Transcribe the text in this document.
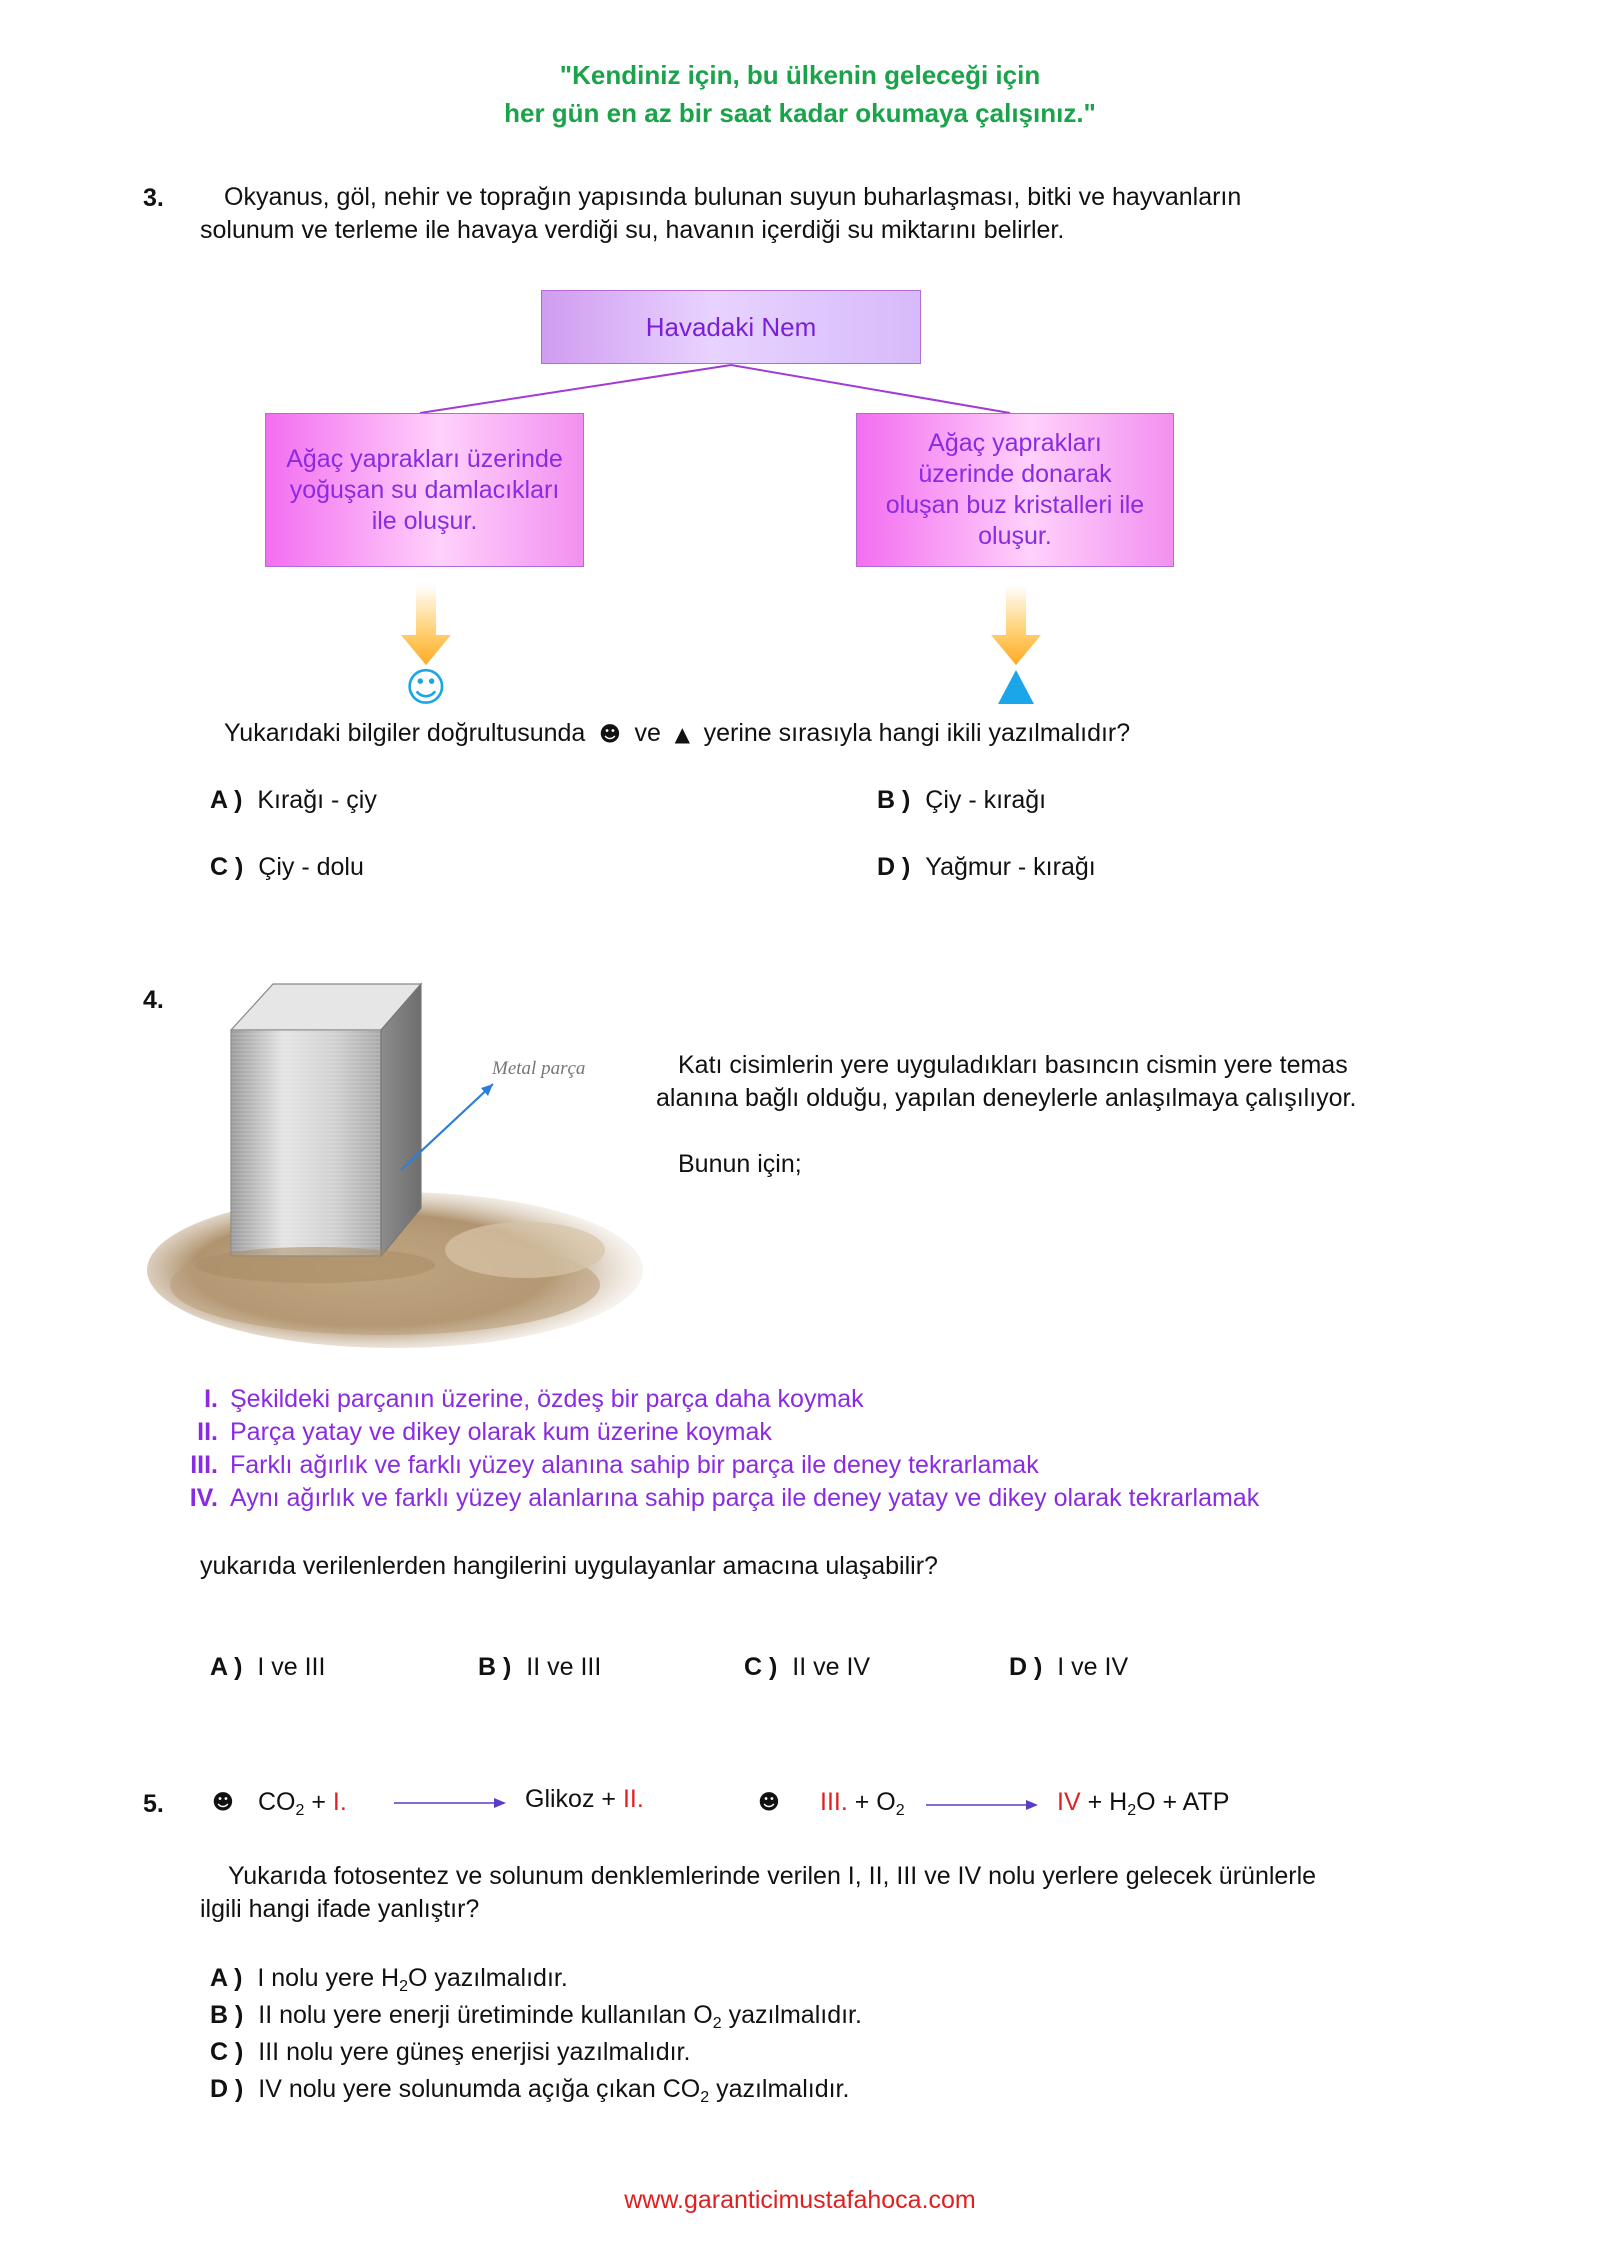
"Kendiniz için, bu ülkenin geleceği için
her gün en az bir saat kadar okumaya çalışınız."
3. Okyanus, göl, nehir ve toprağın yapısında bulunan suyun buharlaşması, bitki ve hayvanların
solunum ve terleme ile havaya verdiği su, havanın içerdiği su miktarını belirler.
Havadaki Nem
Ağaç yaprakları üzerinde yoğuşan su damlacıkları ile oluşur.
Ağaç yaprakları üzerinde donarak oluşan buz kristalleri ile oluşur.
☺
Yukarıdaki bilgiler doğrultusunda ☻ ve ▲ yerine sırasıyla hangi ikili yazılmalıdır?
A ) Kırağı - çiy	B ) Çiy - kırağı
C ) Çiy - dolu	D ) Yağmur - kırağı
4.
Metal parça	Katı cisimlerin yere uyguladıkları basıncın cismin yere temas
alanına bağlı olduğu, yapılan deneylerle anlaşılmaya çalışılıyor.
Bunun için;
I. Şekildeki parçanın üzerine, özdeş bir parça daha koymak
II. Parça yatay ve dikey olarak kum üzerine koymak
III. Farklı ağırlık ve farklı yüzey alanına sahip bir parça ile deney tekrarlamak
IV. Aynı ağırlık ve farklı yüzey alanlarına sahip parça ile deney yatay ve dikey olarak tekrarlamak
yukarıda verilenlerden hangilerini uygulayanlar amacına ulaşabilir?
A ) I ve III	B ) II ve III	C ) II ve IV	D ) I ve IV
5. ☻ $CO_2 + I$.	Glikoz + II.	☻ III. + $O_2$	IV + $H_2O$ + ATP
Yukarıda fotosentez ve solunum denklemlerinde verilen I, II, III ve IV nolu yerlere gelecek ürünlerle
ilgili hangi ifade yanlıştır?
A ) I nolu yere $H_2O$ yazılmalıdır.
B ) II nolu yere enerji üretiminde kullanılan $O_2$ yazılmalıdır.
C ) III nolu yere güneş enerjisi yazılmalıdır.
D ) IV nolu yere solunumda açığa çıkan $CO_2$ yazılmalıdır.
www.garanticimustafahoca.com
